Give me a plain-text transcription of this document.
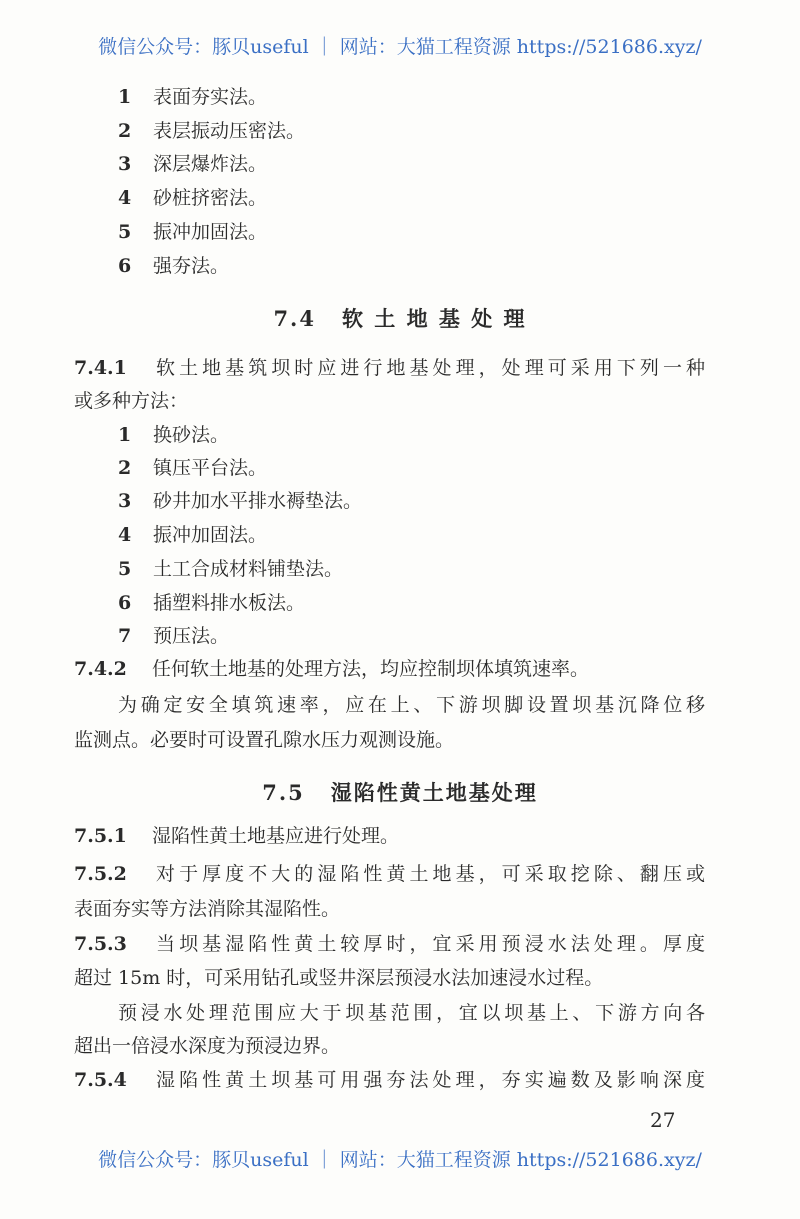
微信公众号：豚贝useful ｜ 网站：大猫工程资源 https://521686.xyz/
1 表面夯实法。
2 表层振动压密法。
3 深层爆炸法。
4 砂桩挤密法。
5 振冲加固法。
6 强夯法。
7.4 软 土 地 基 处 理
7.4.1 软土地基筑坝时应进行地基处理，处理可采用下列一种
或多种方法：
1 换砂法。
2 镇压平台法。
3 砂井加水平排水褥垫法。
4 振冲加固法。
5 土工合成材料铺垫法。
6 插塑料排水板法。
7 预压法。
7.4.2 任何软土地基的处理方法，均应控制坝体填筑速率。
为确定安全填筑速率，应在上、下游坝脚设置坝基沉降位移
监测点。必要时可设置孔隙水压力观测设施。
7.5 湿陷性黄土地基处理
7.5.1 湿陷性黄土地基应进行处理。
7.5.2 对于厚度不大的湿陷性黄土地基，可采取挖除、翻压或
表面夯实等方法消除其湿陷性。
7.5.3 当坝基湿陷性黄土较厚时，宜采用预浸水法处理。厚度
超过 15m 时，可采用钻孔或竖井深层预浸水法加速浸水过程。
预浸水处理范围应大于坝基范围，宜以坝基上、下游方向各
超出一倍浸水深度为预浸边界。
7.5.4 湿陷性黄土坝基可用强夯法处理，夯实遍数及影响深度
27
微信公众号：豚贝useful ｜ 网站：大猫工程资源 https://521686.xyz/
